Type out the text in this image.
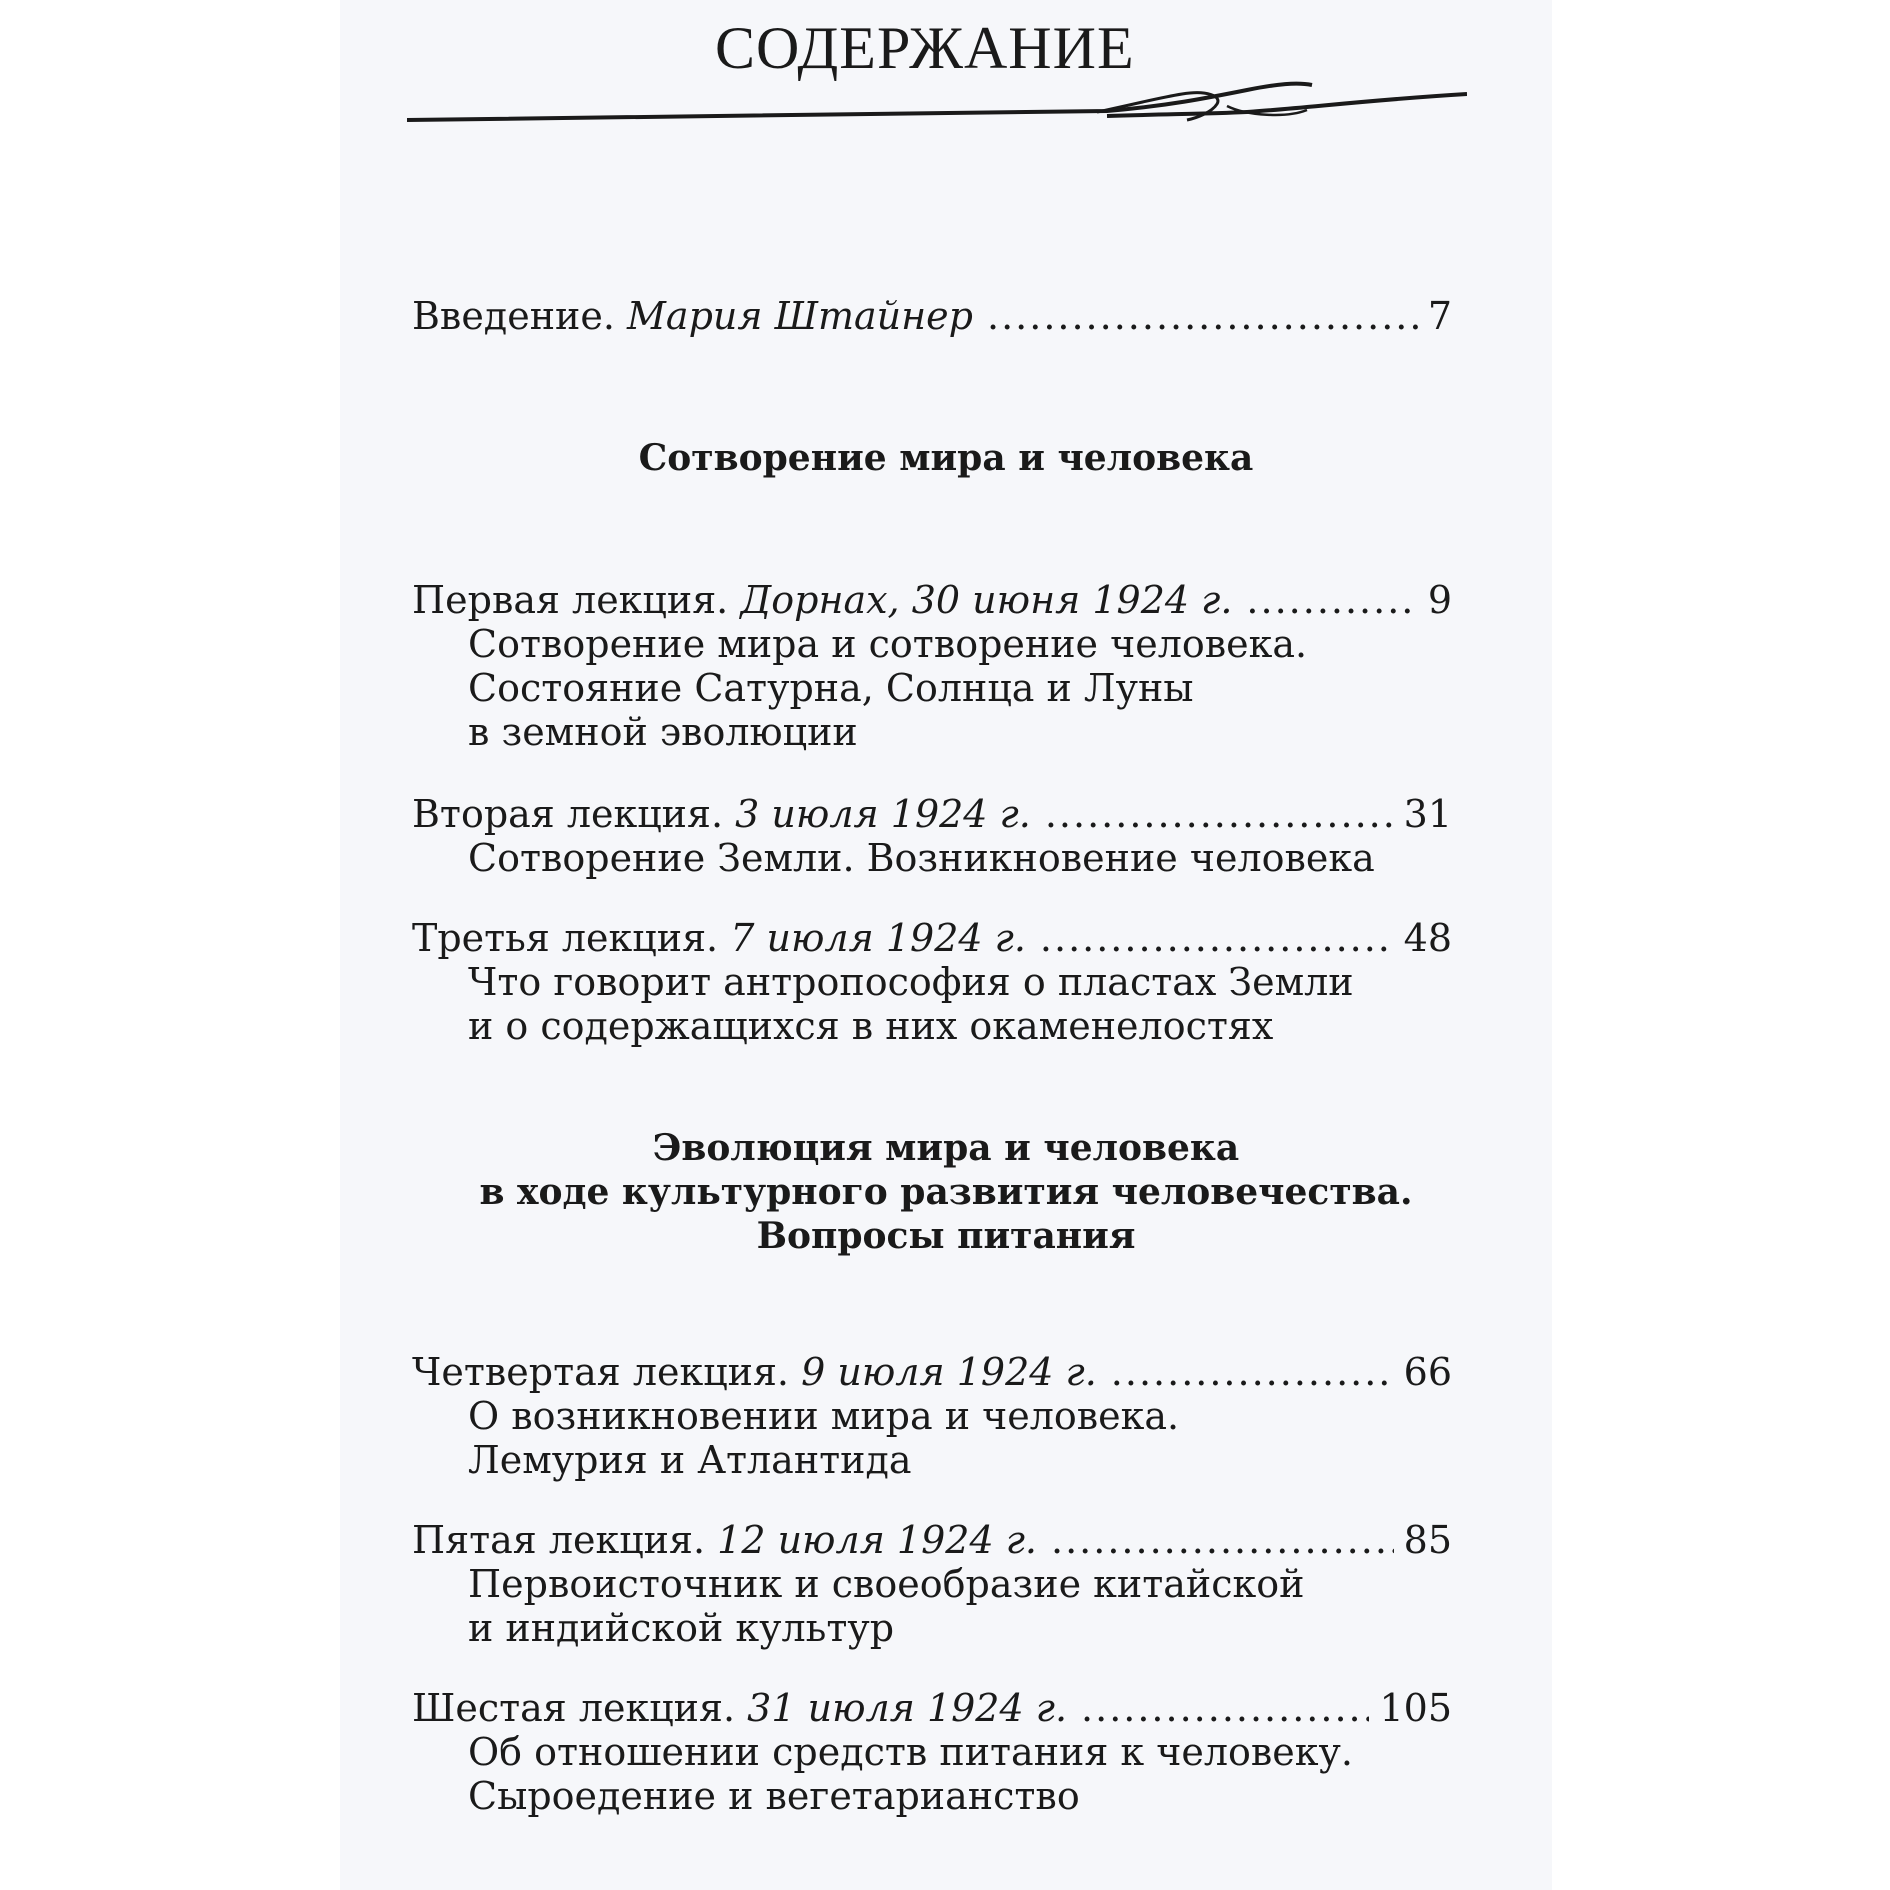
СОДЕРЖАНИЕ
Введение. Мария Штайнер .....	7
Сотворение мира и человека
Первая лекция. Дорнах, 30 июня 1924 г. .....	9
Сотворение мира и сотворение человека.
Состояние Сатурна, Солнца и Луны
в земной эволюции
Вторая лекция. 3 июля 1924 г. .....	31
Сотворение Земли. Возникновение человека
Третья лекция. 7 июля 1924 г. .....	48
Что говорит антропософия о пластах Земли
и о содержащихся в них окаменелостях
Эволюция мира и человека
в ходе культурного развития человечества.
Вопросы питания
Четвертая лекция. 9 июля 1924 г. .....	66
О возникновении мира и человека.
Лемурия и Атлантида
Пятая лекция. 12 июля 1924 г. .....	85
Первоисточник и своеобразие китайской
и индийской культур
Шестая лекция. 31 июля 1924 г. .....	105
Об отношении средств питания к человеку.
Сыроедение и вегетарианство
